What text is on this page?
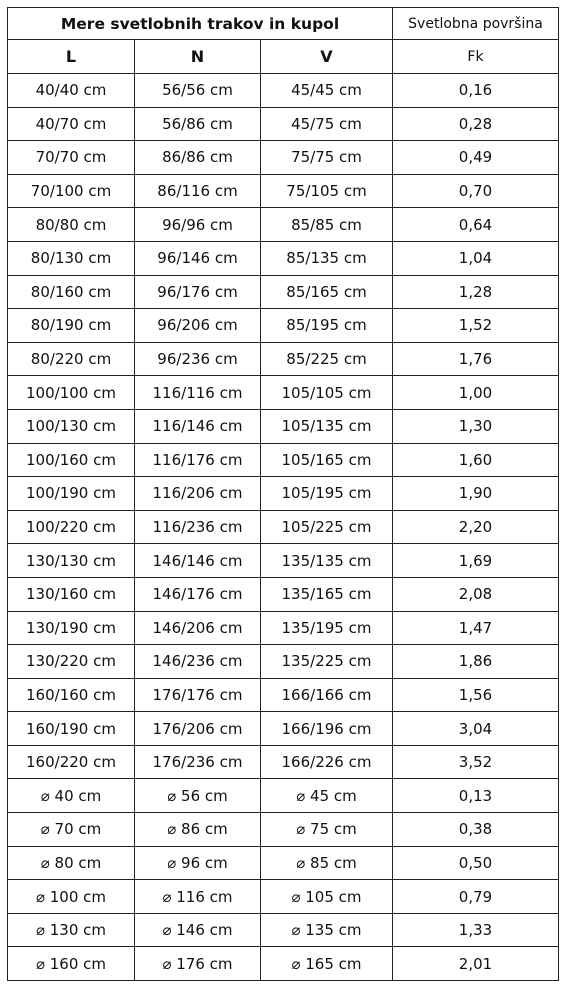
Mere svetlobnih trakov in kupol			Svetlobna površina
L	N	V	Fk
40/40 cm	56/56 cm	45/45 cm	0,16
40/70 cm	56/86 cm	45/75 cm	0,28
70/70 cm	86/86 cm	75/75 cm	0,49
70/100 cm	86/116 cm	75/105 cm	0,70
80/80 cm	96/96 cm	85/85 cm	0,64
80/130 cm	96/146 cm	85/135 cm	1,04
80/160 cm	96/176 cm	85/165 cm	1,28
80/190 cm	96/206 cm	85/195 cm	1,52
80/220 cm	96/236 cm	85/225 cm	1,76
100/100 cm	116/116 cm	105/105 cm	1,00
100/130 cm	116/146 cm	105/135 cm	1,30
100/160 cm	116/176 cm	105/165 cm	1,60
100/190 cm	116/206 cm	105/195 cm	1,90
100/220 cm	116/236 cm	105/225 cm	2,20
130/130 cm	146/146 cm	135/135 cm	1,69
130/160 cm	146/176 cm	135/165 cm	2,08
130/190 cm	146/206 cm	135/195 cm	1,47
130/220 cm	146/236 cm	135/225 cm	1,86
160/160 cm	176/176 cm	166/166 cm	1,56
160/190 cm	176/206 cm	166/196 cm	3,04
160/220 cm	176/236 cm	166/226 cm	3,52
⌀ 40 cm	⌀ 56 cm	⌀ 45 cm	0,13
⌀ 70 cm	⌀ 86 cm	⌀ 75 cm	0,38
⌀ 80 cm	⌀ 96 cm	⌀ 85 cm	0,50
⌀ 100 cm	⌀ 116 cm	⌀ 105 cm	0,79
⌀ 130 cm	⌀ 146 cm	⌀ 135 cm	1,33
⌀ 160 cm	⌀ 176 cm	⌀ 165 cm	2,01
